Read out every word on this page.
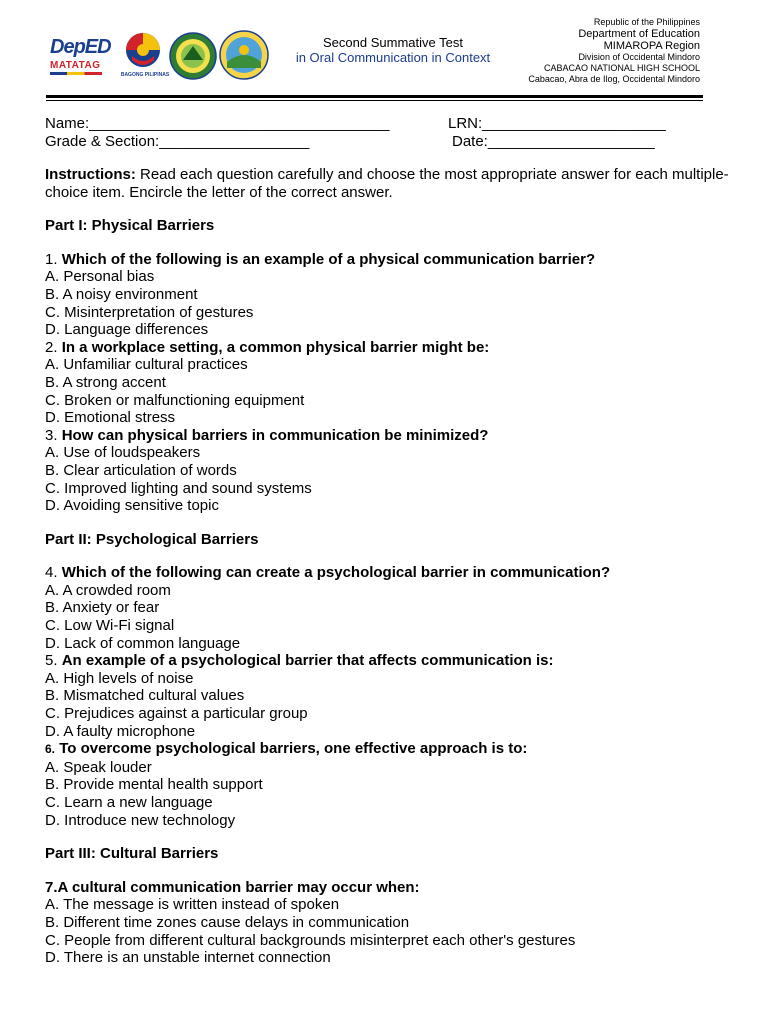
DepED
MATATAG
BAGONG PILIPINAS
Second Summative Test
in Oral Communication in Context
Republic of the Philippines
Department of Education
MIMAROPA Region
Division of Occidental Mindoro
CABACAO NATIONAL HIGH SCHOOL
Cabacao, Abra de Ilog, Occidental Mindoro
Name:____________________________________	LRN:______________________
Grade & Section:__________________	Date:____________________

Instructions: Read each question carefully and choose the most appropriate answer for each multiple-choice item. Encircle the letter of the correct answer.

Part I: Physical Barriers

1. Which of the following is an example of a physical communication barrier?

A. Personal bias

B. A noisy environment

C. Misinterpretation of gestures

D. Language differences

2. In a workplace setting, a common physical barrier might be:

A. Unfamiliar cultural practices

B. A strong accent

C. Broken or malfunctioning equipment

D. Emotional stress

3. How can physical barriers in communication be minimized?

A. Use of loudspeakers

B. Clear articulation of words

C. Improved lighting and sound systems

D. Avoiding sensitive topic

Part II: Psychological Barriers

4. Which of the following can create a psychological barrier in communication?

A. A crowded room

B. Anxiety or fear

C. Low Wi-Fi signal

D. Lack of common language

5. An example of a psychological barrier that affects communication is:

A. High levels of noise

B. Mismatched cultural values

C. Prejudices against a particular group

D. A faulty microphone

6. To overcome psychological barriers, one effective approach is to:

A. Speak louder

B. Provide mental health support

C. Learn a new language

D. Introduce new technology

Part III: Cultural Barriers

7.A cultural communication barrier may occur when:

A. The message is written instead of spoken

B. Different time zones cause delays in communication

C. People from different cultural backgrounds misinterpret each other's gestures

D. There is an unstable internet connection
